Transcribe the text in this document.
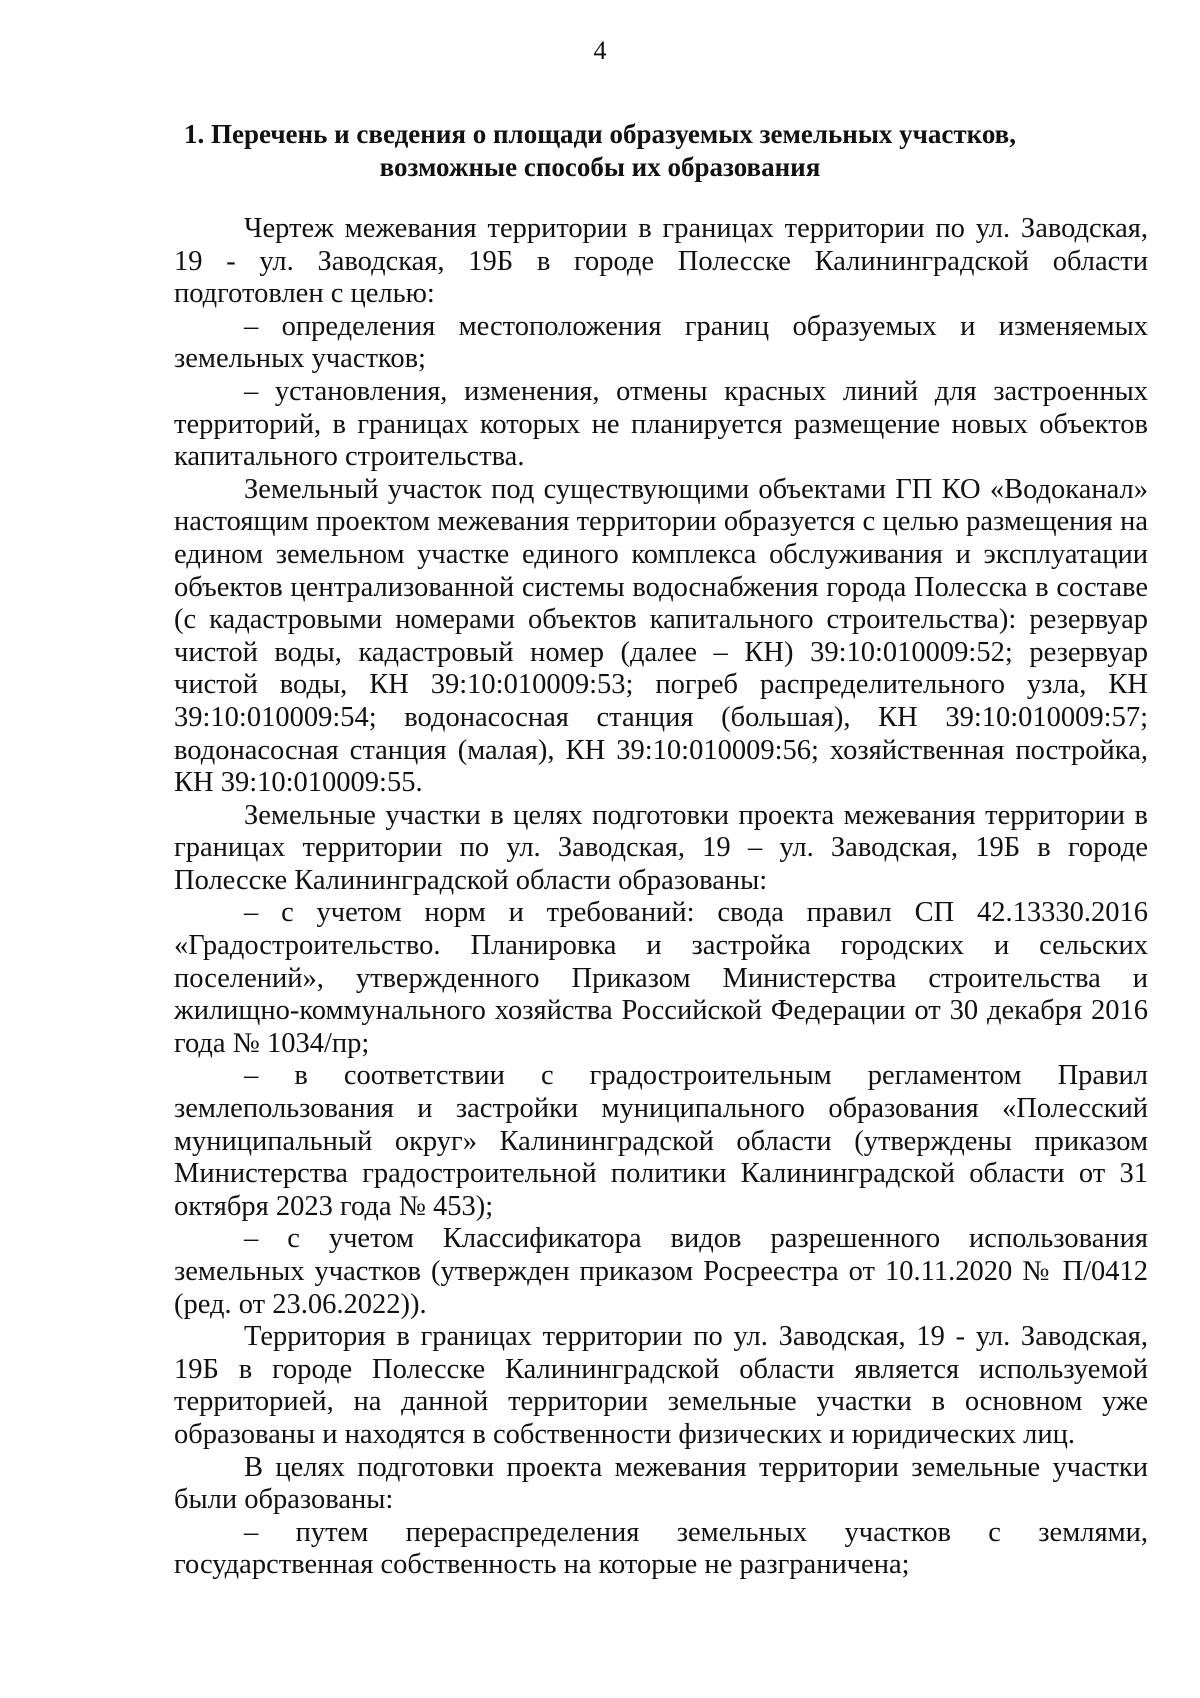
4
1. Перечень и сведения о площади образуемых земельных участков,
возможные способы их образования

Чертеж межевания территории в границах территории по ул. Заводская, 19 - ул. Заводская, 19Б в городе Полесске Калининградской области подготовлен с целью:

– определения местоположения границ образуемых и изменяемых земельных участков;

– установления, изменения, отмены красных линий для застроенных территорий, в границах которых не планируется размещение новых объектов капитального строительства.

Земельный участок под существующими объектами ГП КО «Водоканал» настоящим проектом межевания территории образуется с целью размещения на едином земельном участке единого комплекса обслуживания и эксплуатации объектов централизованной системы водоснабжения города Полесска в составе (с кадастровыми номерами объектов капитального строительства): резервуар чистой воды, кадастровый номер (далее – КН) 39:10:010009:52; резервуар чистой воды, КН 39:10:010009:53; погреб распределительного узла, КН 39:10:010009:54; водонасосная станция (большая), КН 39:10:010009:57; водонасосная станция (малая), КН 39:10:010009:56; хозяйственная постройка, КН 39:10:010009:55.

Земельные участки в целях подготовки проекта межевания территории в границах территории по ул. Заводская, 19 – ул. Заводская, 19Б в городе Полесске Калининградской области образованы:

– с учетом норм и требований: свода правил СП 42.13330.2016 «Градостроительство. Планировка и застройка городских и сельских поселений», утвержденного Приказом Министерства строительства и жилищно-коммунального хозяйства Российской Федерации от 30 декабря 2016 года № 1034/пр;

– в соответствии с градостроительным регламентом Правил землепользования и застройки муниципального образования «Полесский муниципальный округ» Калининградской области (утверждены приказом Министерства градостроительной политики Калининградской области от 31 октября 2023 года № 453);

– с учетом Классификатора видов разрешенного использования земельных участков (утвержден приказом Росреестра от 10.11.2020 № П/0412 (ред. от 23.06.2022)).

Территория в границах территории по ул. Заводская, 19 - ул. Заводская, 19Б в городе Полесске Калининградской области является используемой территорией, на данной территории земельные участки в основном уже образованы и находятся в собственности физических и юридических лиц.

В целях подготовки проекта межевания территории земельные участки были образованы:

– путем перераспределения земельных участков с землями, государственная собственность на которые не разграничена;
